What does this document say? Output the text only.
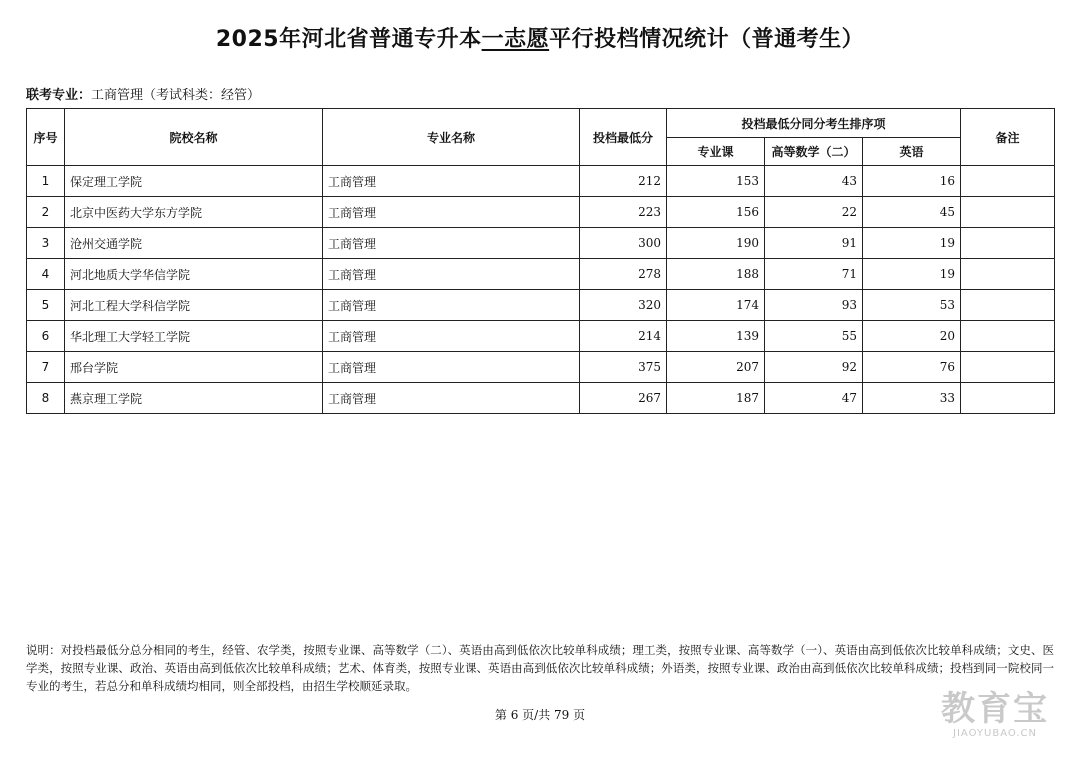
2025年河北省普通专升本一志愿平行投档情况统计（普通考生）
联考专业：工商管理（考试科类：经管）
序号	院校名称	专业名称	投档最低分	投档最低分同分考生排序项			备注
				专业课	高等数学（二）	英语	
1	保定理工学院	工商管理	212	153	43	16	
2	北京中医药大学东方学院	工商管理	223	156	22	45	
3	沧州交通学院	工商管理	300	190	91	19	
4	河北地质大学华信学院	工商管理	278	188	71	19	
5	河北工程大学科信学院	工商管理	320	174	93	53	
6	华北理工大学轻工学院	工商管理	214	139	55	20	
7	邢台学院	工商管理	375	207	92	76	
8	燕京理工学院	工商管理	267	187	47	33	
说明：对投档最低分总分相同的考生，经管、农学类，按照专业课、高等数学（二）、英语由高到低依次比较单科成绩；理工类，按照专业课、高等数学（一）、英语由高到低依次比较单科成绩；文史、医学类，按照专业课、政治、英语由高到低依次比较单科成绩；艺术、体育类，按照专业课、英语由高到低依次比较单科成绩；外语类，按照专业课、政治由高到低依次比较单科成绩；投档到同一院校同一专业的考生，若总分和单科成绩均相同，则全部投档，由招生学校顺延录取。
第 6 页/共 79 页	教育宝
JIAOYUBAO.CN
